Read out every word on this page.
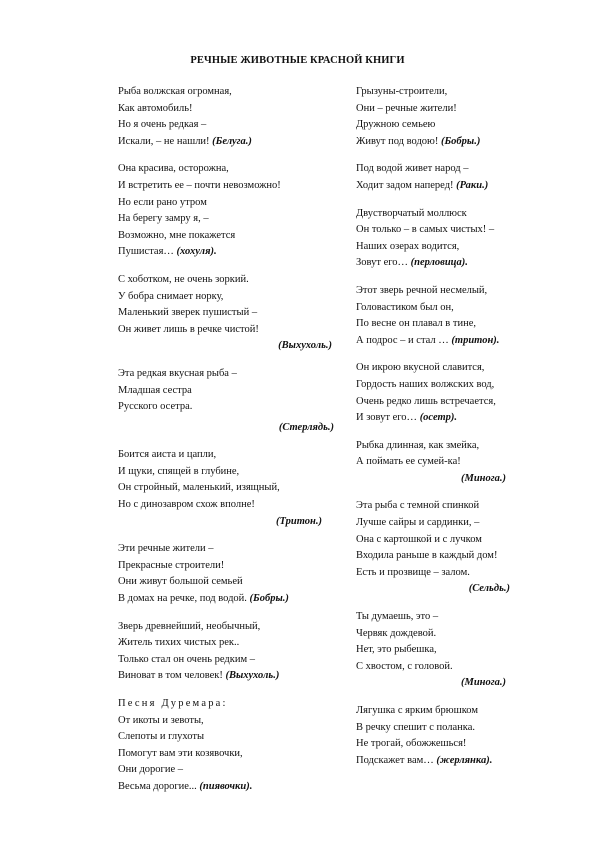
РЕЧНЫЕ ЖИВОТНЫЕ КРАСНОЙ КНИГИ
Рыба волжская огромная,
Как автомобиль!
Но я очень редкая –
Искали, – не нашли! (Белуга.)
Она красива, осторожна,
И встретить ее – почти невозможно!
Но если рано утром
На берегу замру я, –
Возможно, мне покажется
Пушистая… (хохуля).
С хоботком, не очень зоркий.
У бобра снимает норку,
Маленький зверек пушистый –
Он живет лишь в речке чистой!
(Выхухоль.)
Эта редкая вкусная рыба –
Младшая сестра
Русского осетра.
(Стерлядь.)
Боится аиста и цапли,
И щуки, спящей в глубине,
Он стройный, маленький, изящный,
Но с динозавром схож вполне!
(Тритон.)
Эти речные жители –
Прекрасные строители!
Они живут большой семьей
В домах на речке, под водой. (Бобры.)
Зверь древнейший, необычный,
Житель тихих чистых рек..
Только стал он очень редким –
Виноват в том человек! (Выхухоль.)
Песня Дуремара:
От икоты и зевоты,
Слепоты и глухоты
Помогут вам эти козявочки,
Они дорогие –
Весьма дорогие... (пиявочки).
Грызуны-строители,
Они – речные жители!
Дружною семьею
Живут под водою! (Бобры.)
Под водой живет народ –
Ходит задом наперед! (Раки.)
Двустворчатый моллюск
Он только – в самых чистых! –
Наших озерах водится,
Зовут его… (перловица).
Этот зверь речной несмелый,
Головастиком был он,
По весне он плавал в тине,
А подрос – и стал … (тритон).
Он икрою вкусной славится,
Гордость наших волжских вод,
Очень редко лишь встречается,
И зовут его… (осетр).
Рыбка длинная, как змейка,
А поймать ее сумей-ка!
(Минога.)
Эта рыба с темной спинкой
Лучше сайры и сардинки, –
Она с картошкой и с лучком
Входила раньше в каждый дом!
Есть и прозвище – залом.
(Сельдь.)
Ты думаешь, это –
Червяк дождевой.
Нет, это рыбешка,
С хвостом, с головой.
(Минога.)
Лягушка с ярким брюшком
В речку спешит с поланка.
Не трогай, обожжешься!
Подскажет вам… (жерлянка).
